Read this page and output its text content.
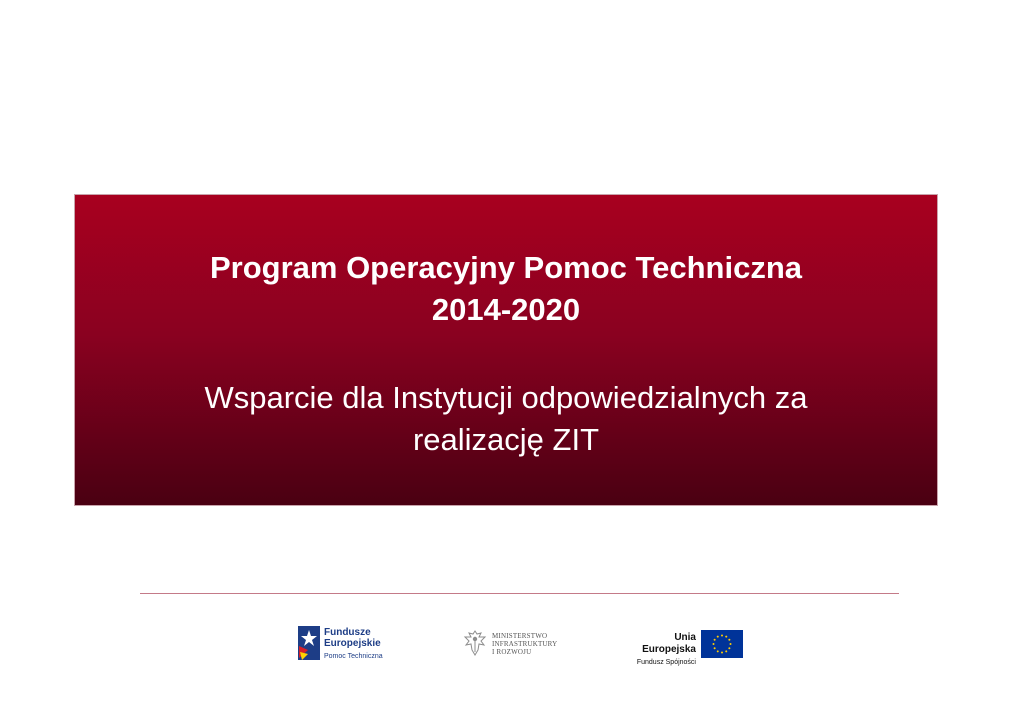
Program Operacyjny Pomoc Techniczna
2014-2020
Wsparcie dla Instytucji odpowiedzialnych za
realizację ZIT
Fundusze
Europejskie
Pomoc Techniczna
MINISTERSTWO
INFRASTRUKTURY
I ROZWOJU
Unia Europejska
Fundusz Spójności
